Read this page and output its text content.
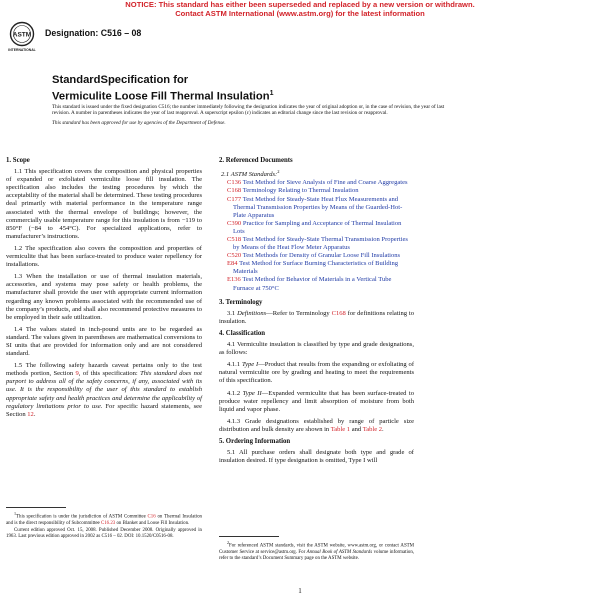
NOTICE: This standard has either been superseded and replaced by a new version or withdrawn.
Contact ASTM International (www.astm.org) for the latest information
ASTM
INTERNATIONAL
Designation: C516 – 08
StandardSpecification for
Vermiculite Loose Fill Thermal Insulation$^1$

This standard is issued under the fixed designation C516; the number immediately following the designation indicates the year of original adoption or, in the case of revision, the year of last revision. A number in parentheses indicates the year of last reapproval. A superscript epsilon (ε) indicates an editorial change since the last revision or reapproval.

This standard has been approved for use by agencies of the Department of Defense.

1. Scope

1.1 This specification covers the composition and physical properties of expanded or exfoliated vermiculite loose fill insulation. The specification also includes the testing procedures by which the acceptability of the material shall be determined. These testing procedures deal primarily with material performance in the temperature range associated with the thermal envelope of buildings; however, the commercially usable temperature range for this insulation is from −119 to 850°F (−84 to 454°C). For specialized applications, refer to manufacturer’s instructions.

1.2 The specification also covers the composition and properties of vermiculite that has been surface-treated to produce water repellency for installations.

1.3 When the installation or use of thermal insulation materials, accessories, and systems may pose safety or health problems, the manufacturer shall provide the user with appropriate current information regarding any known problems associated with the recommended use of the company’s products, and shall also recommend protective measures to be employed in their safe utilization.

1.4 The values stated in inch-pound units are to be regarded as standard. The values given in parentheses are mathematical conversions to SI units that are provided for information only and are not considered standard.

1.5 The following safety hazards caveat pertains only to the test methods portion, Section 9, of this specification: This standard does not purport to address all of the safety concerns, if any, associated with its use. It is the responsibility of the user of this standard to establish appropriate safety and health practices and determine the applicability of regulatory limitations prior to use. For specific hazard statements, see Section 12.

$^1$This specification is under the jurisdiction of ASTM Committee C16 on Thermal Insulation and is the direct responsibility of Subcommittee C16.23 on Blanket and Loose Fill Insulation.
Current edition approved Oct. 15, 2008. Published December 2008. Originally approved in 1963. Last previous edition approved in 2002 as C516 – 02. DOI: 10.1520/C0516-08.
2. Referenced Documents
2.1 ASTM Standards:$^2$
C136 Test Method for Sieve Analysis of Fine and Coarse Aggregates
C168 Terminology Relating to Thermal Insulation
C177 Test Method for Steady-State Heat Flux Measurements and Thermal Transmission Properties by Means of the Guarded-Hot-Plate Apparatus
C390 Practice for Sampling and Acceptance of Thermal Insulation Lots
C518 Test Method for Steady-State Thermal Transmission Properties by Means of the Heat Flow Meter Apparatus
C520 Test Methods for Density of Granular Loose Fill Insulations
E84 Test Method for Surface Burning Characteristics of Building Materials
E136 Test Method for Behavior of Materials in a Vertical Tube Furnace at 750°C
3. Terminology

3.1 Definitions—Refer to Terminology C168 for definitions relating to insulation.

4. Classification

4.1 Vermiculite insulation is classified by type and grade designations, as follows:

4.1.1 Type I—Product that results from the expanding or exfoliating of natural vermiculite ore by grading and heating to meet the requirements of this specification.

4.1.2 Type II—Expanded vermiculite that has been surface-treated to produce water repellency and limit absorption of moisture from both liquid and vapor phase.

4.1.3 Grade designations established by range of particle size distribution and bulk density are shown in Table 1 and Table 2.

5. Ordering Information

5.1 All purchase orders shall designate both type and grade of insulation desired. If type designation is omitted, Type I will

$^2$For referenced ASTM standards, visit the ASTM website, www.astm.org, or contact ASTM Customer Service at service@astm.org. For Annual Book of ASTM Standards volume information, refer to the standard’s Document Summary page on the ASTM website.
1
